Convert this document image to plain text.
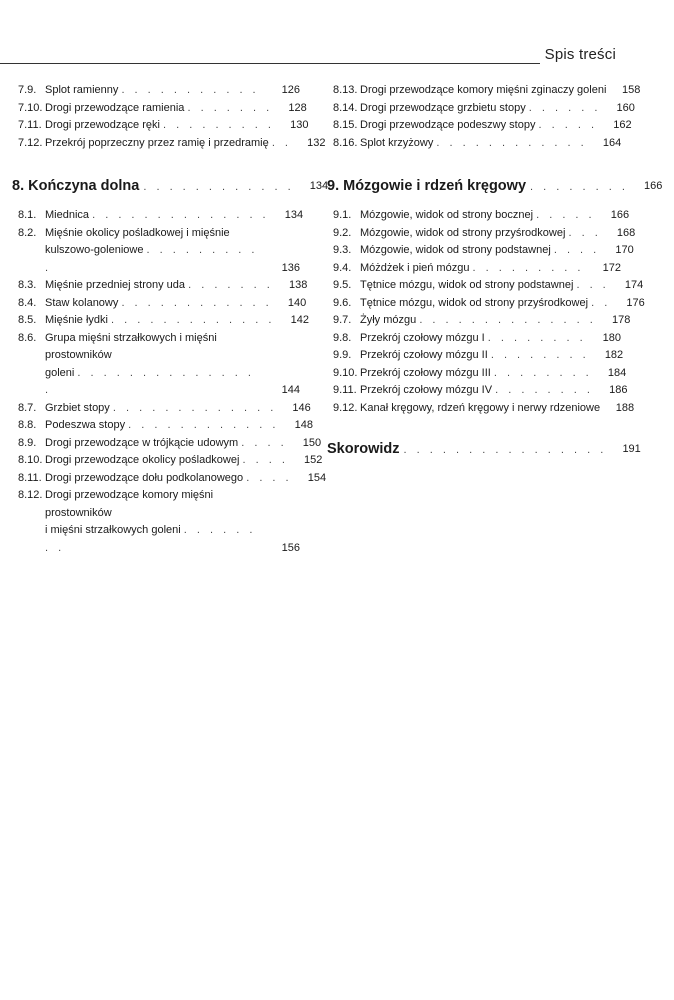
Spis treści
7.9. Splot ramienny . . . . . . . . . . .	126
7.10. Drogi przewodzące ramienia . . . . . . .	128
7.11. Drogi przewodzące ręki . . . . . . . . .	130
7.12. Przekrój poprzeczny przez ramię i przedramię . .	132
8. Kończyna dolna . . . . . . . . . . . .	134
8.1. Miednica . . . . . . . . . . . . . .	134
8.2. Mięśnie okolicy pośladkowej i mięśnie
kulszowo-goleniowe . . . . . . . . . .	136
8.3. Mięśnie przedniej strony uda . . . . . . .	138
8.4. Staw kolanowy . . . . . . . . . . . .	140
8.5. Mięśnie łydki . . . . . . . . . . . . .	142
8.6. Grupa mięśni strzałkowych i mięśni prostowników
goleni . . . . . . . . . . . . . . .	144
8.7. Grzbiet stopy . . . . . . . . . . . . .	146
8.8. Podeszwa stopy . . . . . . . . . . . .	148
8.9. Drogi przewodzące w trójkącie udowym . . . .	150
8.10. Drogi przewodzące okolicy pośladkowej . . . .	152
8.11. Drogi przewodzące dołu podkolanowego . . . .	154
8.12. Drogi przewodzące komory mięśni prostowników
i mięśni strzałkowych goleni . . . . . . . .	156
8.13. Drogi przewodzące komory mięśni zginaczy goleni	158
8.14. Drogi przewodzące grzbietu stopy . . . . . .	160
8.15. Drogi przewodzące podeszwy stopy . . . . .	162
8.16. Splot krzyżowy . . . . . . . . . . . .	164
9. Mózgowie i rdzeń kręgowy . . . . . . . .	166
9.1. Mózgowie, widok od strony bocznej . . . . .	166
9.2. Mózgowie, widok od strony przyśrodkowej . . .	168
9.3. Mózgowie, widok od strony podstawnej . . . .	170
9.4. Móżdżek i pień mózgu . . . . . . . . .	172
9.5. Tętnice mózgu, widok od strony podstawnej . . .	174
9.6. Tętnice mózgu, widok od strony przyśrodkowej . .	176
9.7. Żyły mózgu . . . . . . . . . . . . . .	178
9.8. Przekrój czołowy mózgu I . . . . . . . .	180
9.9. Przekrój czołowy mózgu II . . . . . . . .	182
9.10. Przekrój czołowy mózgu III . . . . . . . .	184
9.11. Przekrój czołowy mózgu IV . . . . . . . .	186
9.12. Kanał kręgowy, rdzeń kręgowy i nerwy rdzeniowe	188
Skorowidz . . . . . . . . . . . . . . . .	191
